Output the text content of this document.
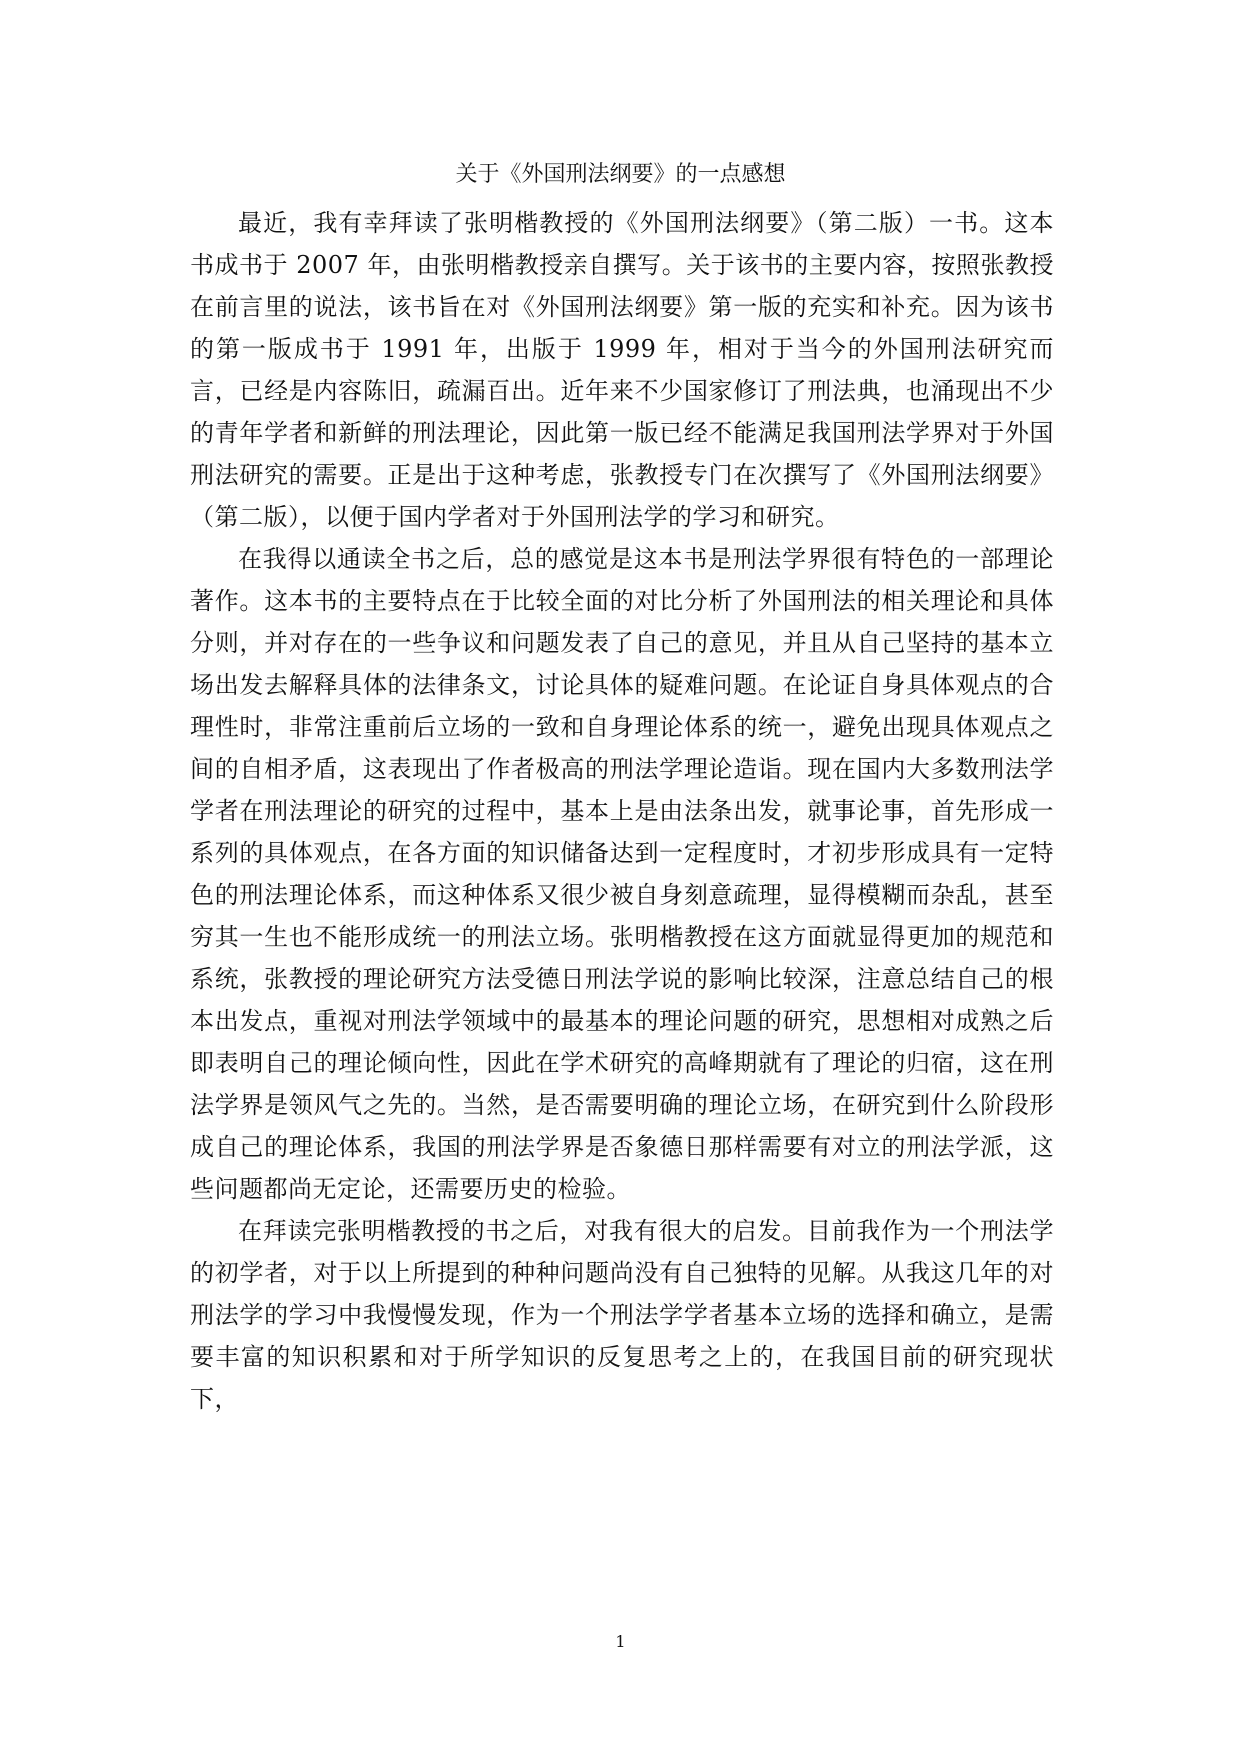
关于《外国刑法纲要》的一点感想

最近，我有幸拜读了张明楷教授的《外国刑法纲要》（第二版）一书。这本书成书于 2007 年，由张明楷教授亲自撰写。关于该书的主要内容，按照张教授在前言里的说法，该书旨在对《外国刑法纲要》第一版的充实和补充。因为该书的第一版成书于 1991 年，出版于 1999 年，相对于当今的外国刑法研究而言，已经是内容陈旧，疏漏百出。近年来不少国家修订了刑法典，也涌现出不少的青年学者和新鲜的刑法理论，因此第一版已经不能满足我国刑法学界对于外国刑法研究的需要。正是出于这种考虑，张教授专门在次撰写了《外国刑法纲要》（第二版），以便于国内学者对于外国刑法学的学习和研究。

在我得以通读全书之后，总的感觉是这本书是刑法学界很有特色的一部理论著作。这本书的主要特点在于比较全面的对比分析了外国刑法的相关理论和具体分则，并对存在的一些争议和问题发表了自己的意见，并且从自己坚持的基本立场出发去解释具体的法律条文，讨论具体的疑难问题。在论证自身具体观点的合理性时，非常注重前后立场的一致和自身理论体系的统一，避免出现具体观点之间的自相矛盾，这表现出了作者极高的刑法学理论造诣。现在国内大多数刑法学学者在刑法理论的研究的过程中，基本上是由法条出发，就事论事，首先形成一系列的具体观点，在各方面的知识储备达到一定程度时，才初步形成具有一定特色的刑法理论体系，而这种体系又很少被自身刻意疏理，显得模糊而杂乱，甚至穷其一生也不能形成统一的刑法立场。张明楷教授在这方面就显得更加的规范和系统，张教授的理论研究方法受德日刑法学说的影响比较深，注意总结自己的根本出发点，重视对刑法学领域中的最基本的理论问题的研究，思想相对成熟之后即表明自己的理论倾向性，因此在学术研究的高峰期就有了理论的归宿，这在刑法学界是领风气之先的。当然，是否需要明确的理论立场，在研究到什么阶段形成自己的理论体系，我国的刑法学界是否象德日那样需要有对立的刑法学派，这些问题都尚无定论，还需要历史的检验。

在拜读完张明楷教授的书之后，对我有很大的启发。目前我作为一个刑法学的初学者，对于以上所提到的种种问题尚没有自己独特的见解。从我这几年的对刑法学的学习中我慢慢发现，作为一个刑法学学者基本立场的选择和确立，是需要丰富的知识积累和对于所学知识的反复思考之上的，在我国目前的研究现状下，

1
